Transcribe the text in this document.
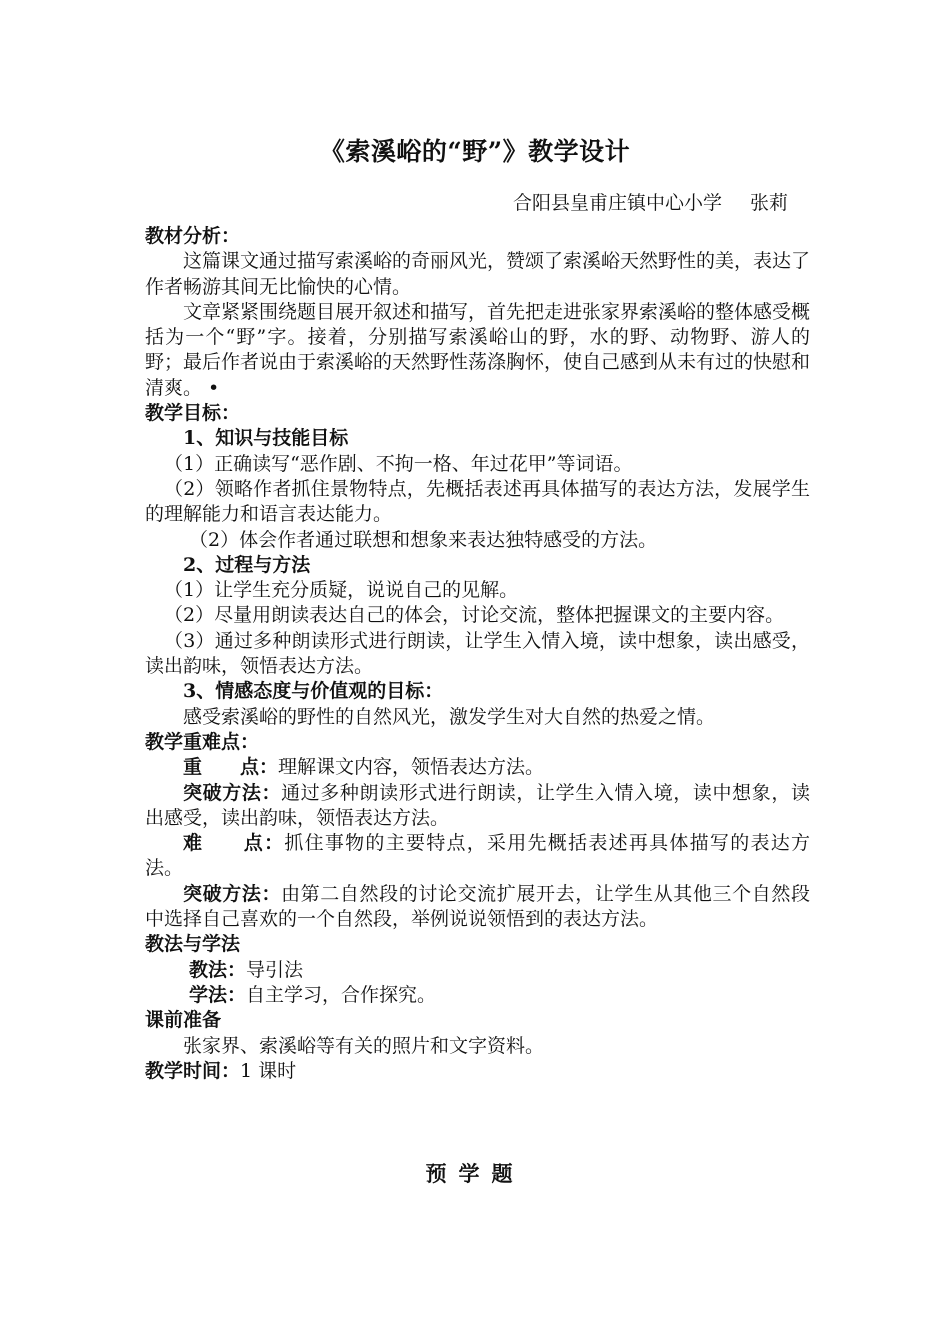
《索溪峪的“野”》教学设计
合阳县皇甫庄镇中心小学 张莉

教材分析：

这篇课文通过描写索溪峪的奇丽风光，赞颂了索溪峪天然野性的美，表达了作者畅游其间无比愉快的心情。

文章紧紧围绕题目展开叙述和描写，首先把走进张家界索溪峪的整体感受概括为一个“野”字。接着，分别描写索溪峪山的野，水的野、动物野、游人的野；最后作者说由于索溪峪的天然野性荡涤胸怀，使自己感到从未有过的快慰和清爽。 •

教学目标：

1、知识与技能目标

（1）正确读写“恶作剧、不拘一格、年过花甲”等词语。

（2）领略作者抓住景物特点，先概括表述再具体描写的表达方法，发展学生的理解能力和语言表达能力。

（2）体会作者通过联想和想象来表达独特感受的方法。

2、过程与方法

（1）让学生充分质疑，说说自己的见解。

（2）尽量用朗读表达自己的体会，讨论交流，整体把握课文的主要内容。

（3）通过多种朗读形式进行朗读，让学生入情入境，读中想象，读出感受，读出韵味，领悟表达方法。

3、情感态度与价值观的目标：

感受索溪峪的野性的自然风光，激发学生对大自然的热爱之情。

教学重难点：

重　　点：理解课文内容，领悟表达方法。

突破方法：通过多种朗读形式进行朗读，让学生入情入境，读中想象，读出感受，读出韵味，领悟表达方法。

难　　点：抓住事物的主要特点，采用先概括表述再具体描写的表达方法。

突破方法：由第二自然段的讨论交流扩展开去，让学生从其他三个自然段中选择自己喜欢的一个自然段，举例说说领悟到的表达方法。

教法与学法

教法：导引法

学法：自主学习，合作探究。

课前准备

张家界、索溪峪等有关的照片和文字资料。

教学时间：1 课时

预学题
